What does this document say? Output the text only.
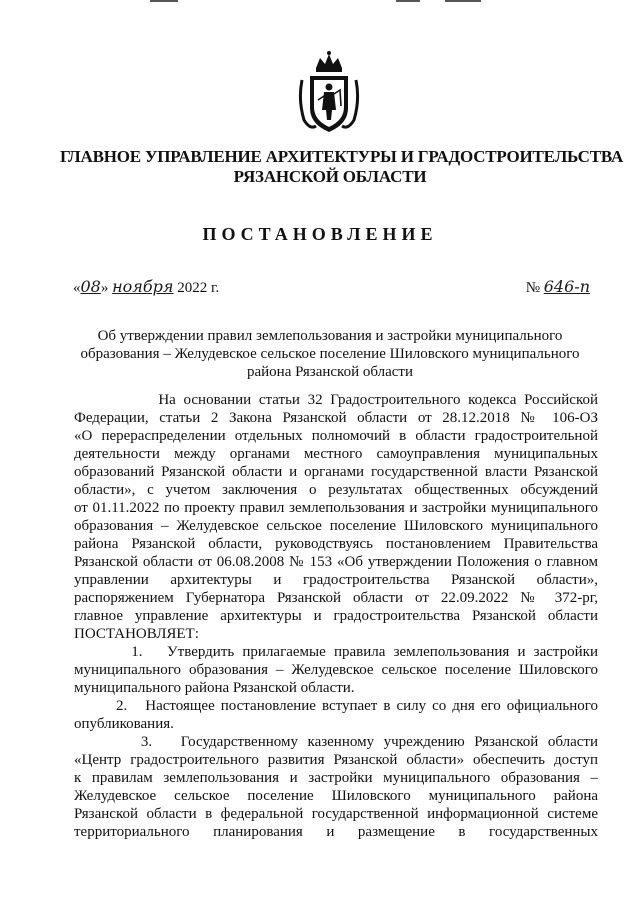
ГЛАВНОЕ УПРАВЛЕНИЕ АРХИТЕКТУРЫ И ГРАДОСТРОИТЕЛЬСТВА
РЯЗАНСКОЙ ОБЛАСТИ
ПОСТАНОВЛЕНИЕ
«08» ноября 2022 г.	№ 646-п
Об утверждении правил землепользования и застройки муниципального
образования – Желудевское сельское поселение Шиловского муниципального
района Рязанской области
На основании статьи 32 Градостроительного кодекса Российской
Федерации, статьи 2 Закона Рязанской области от 28.12.2018 № 106-ОЗ
«О перераспределении отдельных полномочий в области градостроительной
деятельности между органами местного самоуправления муниципальных
образований Рязанской области и органами государственной власти Рязанской
области», с учетом заключения о результатах общественных обсуждений
от 01.11.2022 по проекту правил землепользования и застройки муниципального
образования – Желудевское сельское поселение Шиловского муниципального
района Рязанской области, руководствуясь постановлением Правительства
Рязанской области от 06.08.2008 № 153 «Об утверждении Положения о главном
управлении архитектуры и градостроительства Рязанской области»,
распоряжением Губернатора Рязанской области от 22.09.2022 № 372-рг,
главное управление архитектуры и градостроительства Рязанской области
ПОСТАНОВЛЯЕТ:
1.   Утвердить прилагаемые правила землепользования и застройки
муниципального образования – Желудевское сельское поселение Шиловского
муниципального района Рязанской области.
2.   Настоящее постановление вступает в силу со дня его официального
опубликования.
3.   Государственному казенному учреждению Рязанской области
«Центр градостроительного развития Рязанской области» обеспечить доступ
к правилам землепользования и застройки муниципального образования –
Желудевское сельское поселение Шиловского муниципального района
Рязанской области в федеральной государственной информационной системе
территориального планирования и размещение в государственных
